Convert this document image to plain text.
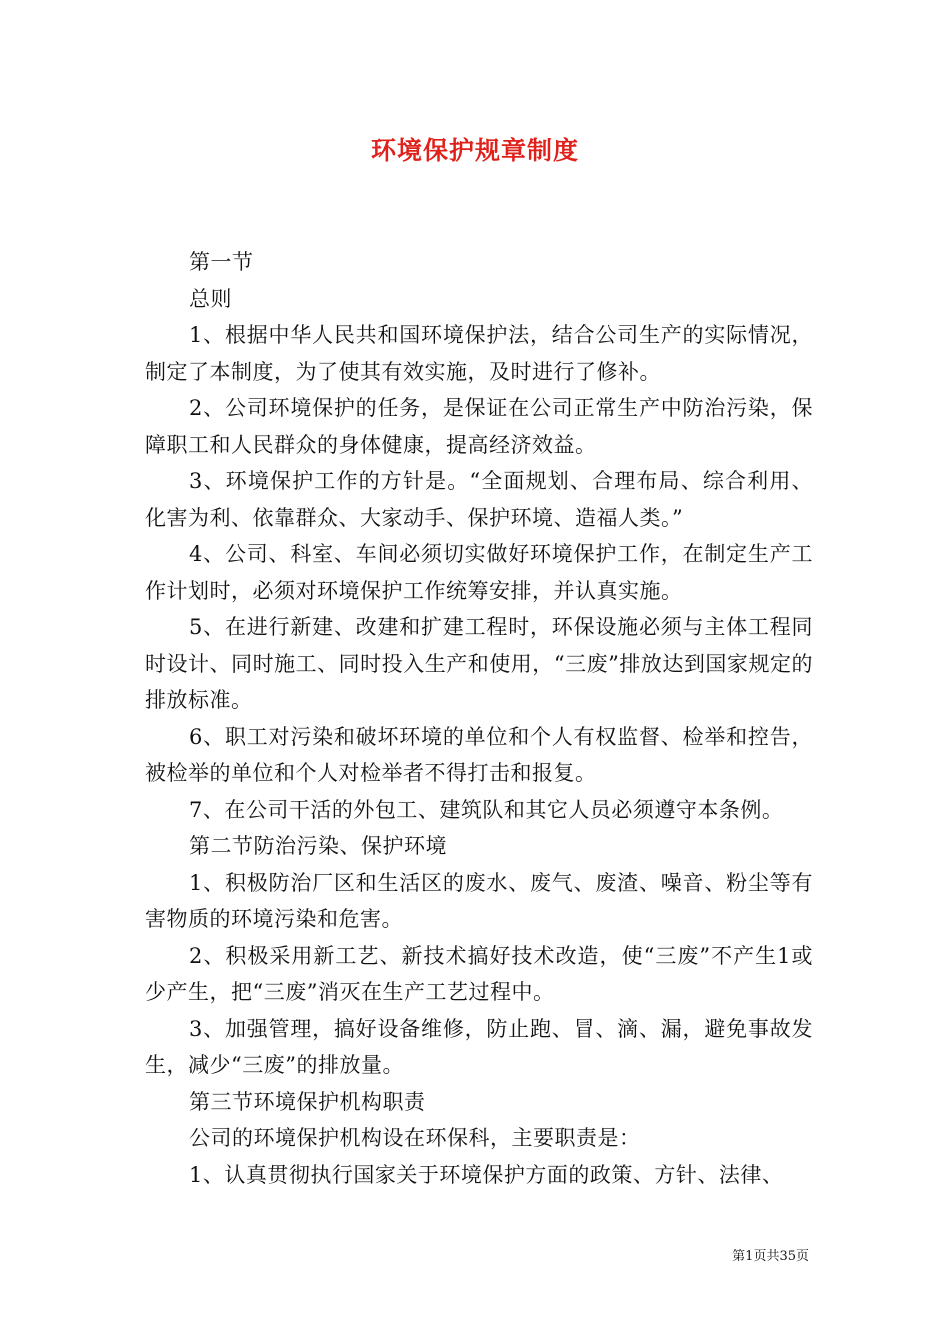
环境保护规章制度

第一节

总则

1、根据中华人民共和国环境保护法，结合公司生产的实际情况，制定了本制度，为了使其有效实施，及时进行了修补。

2、公司环境保护的任务，是保证在公司正常生产中防治污染，保障职工和人民群众的身体健康，提高经济效益。

3、环境保护工作的方针是。“全面规划、合理布局、综合利用、化害为利、依靠群众、大家动手、保护环境、造福人类。”

4、公司、科室、车间必须切实做好环境保护工作，在制定生产工作计划时，必须对环境保护工作统筹安排，并认真实施。

5、在进行新建、改建和扩建工程时，环保设施必须与主体工程同时设计、同时施工、同时投入生产和使用，“三废”排放达到国家规定的排放标准。

6、职工对污染和破坏环境的单位和个人有权监督、检举和控告，被检举的单位和个人对检举者不得打击和报复。

7、在公司干活的外包工、建筑队和其它人员必须遵守本条例。

第二节防治污染、保护环境

1、积极防治厂区和生活区的废水、废气、废渣、噪音、粉尘等有害物质的环境污染和危害。

2、积极采用新工艺、新技术搞好技术改造，使“三废”不产生1或少产生，把“三废”消灭在生产工艺过程中。

3、加强管理，搞好设备维修，防止跑、冒、滴、漏，避免事故发生，减少“三废”的排放量。

第三节环境保护机构职责

公司的环境保护机构设在环保科，主要职责是：

1、认真贯彻执行国家关于环境保护方面的政策、方针、法律、

第1页共35页
